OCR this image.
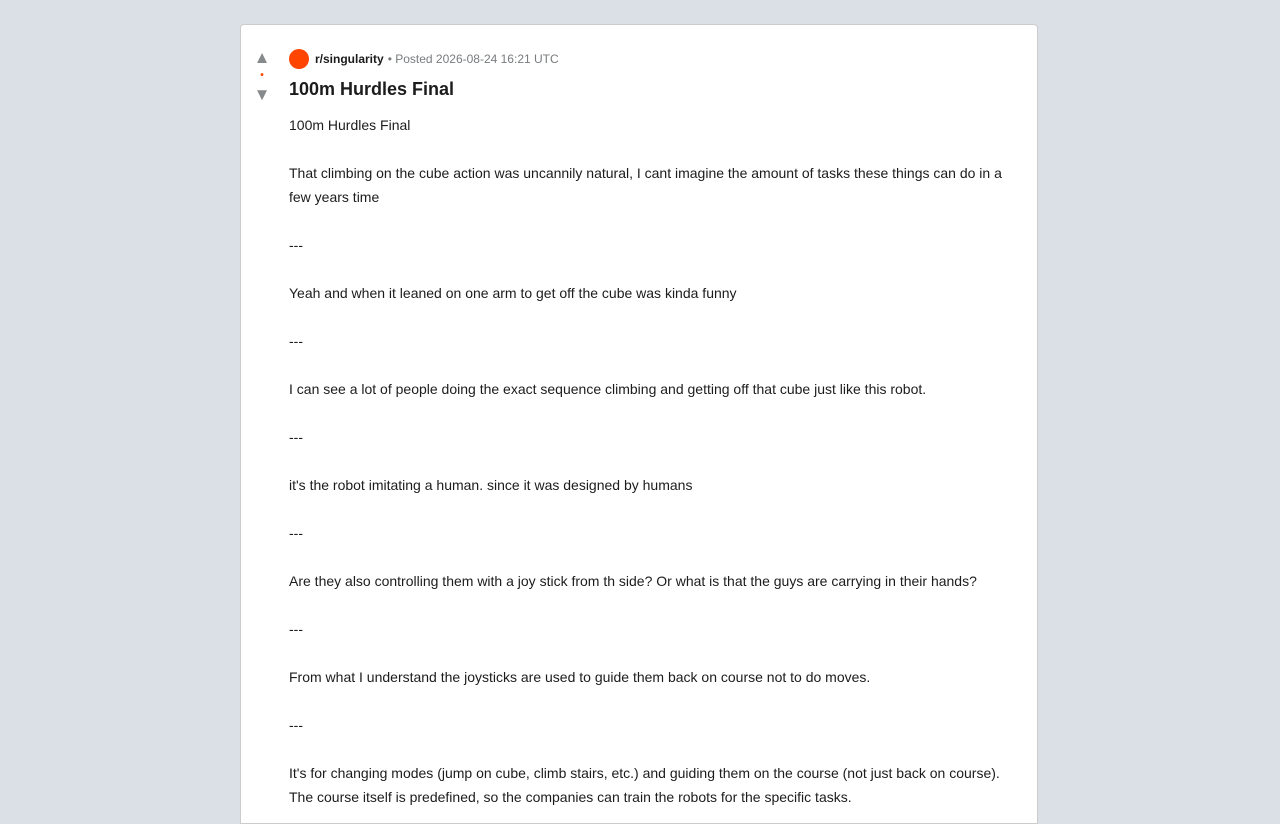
▲
•
▼
r/singularity • Posted 2026-08-24 16:21 UTC
100m Hurdles Final

100m Hurdles Final

That climbing on the cube action was uncannily natural, I cant imagine the amount of tasks these things can do in a few years time

---

Yeah and when it leaned on one arm to get off the cube was kinda funny

---

I can see a lot of people doing the exact sequence climbing and getting off that cube just like this robot.

---

it's the robot imitating a human. since it was designed by humans

---

Are they also controlling them with a joy stick from th side? Or what is that the guys are carrying in their hands?

---

From what I understand the joysticks are used to guide them back on course not to do moves.

---

It's for changing modes (jump on cube, climb stairs, etc.) and guiding them on the course (not just back on course). The course itself is predefined, so the companies can train the robots for the specific tasks.
